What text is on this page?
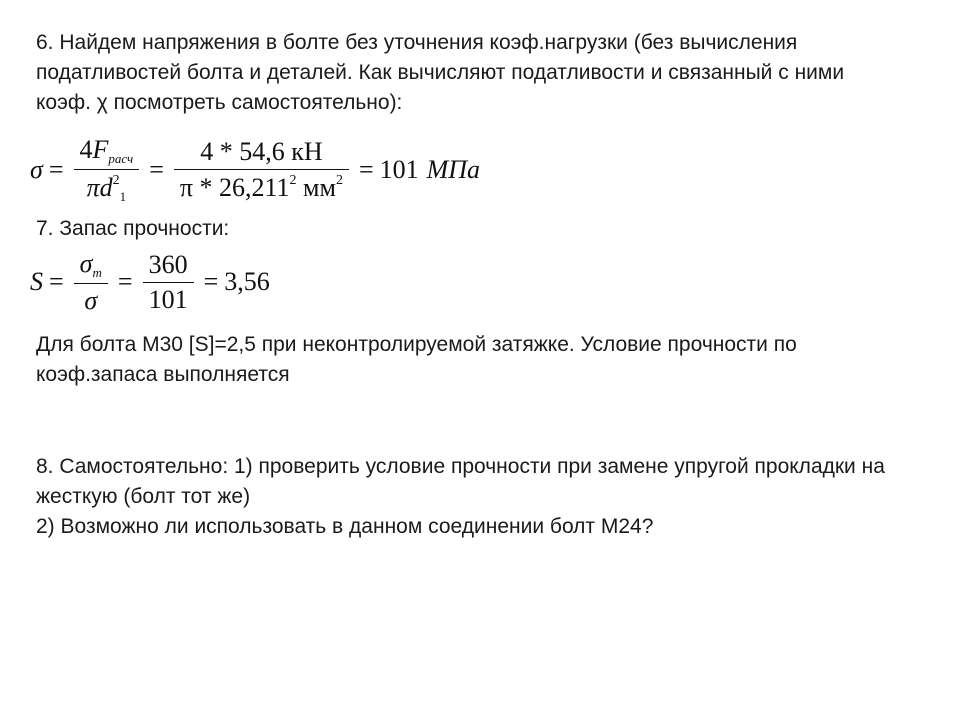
6. Найдем напряжения в болте без уточнения коэф.нагрузки (без вычисления
податливостей болта и деталей. Как вычисляют податливости и связанный с ними
коэф. χ посмотреть самостоятельно):
$\sigma = \frac{4F_{расч}}{\pi d^2_1} = \frac{4 * 54,6 кН}{\pi * 26,211^2 мм^2} = 101$ МПа
7. Запас прочности:
$S = \frac{\sigma_т}{\sigma} = \frac{360}{101} = 3,56$
Для болта М30 [S]=2,5 при неконтролируемой затяжке. Условие прочности по
коэф.запаса выполняется
8. Самостоятельно: 1) проверить условие прочности при замене упругой прокладки на
жесткую (болт тот же)
2) Возможно ли использовать в данном соединении болт М24?
